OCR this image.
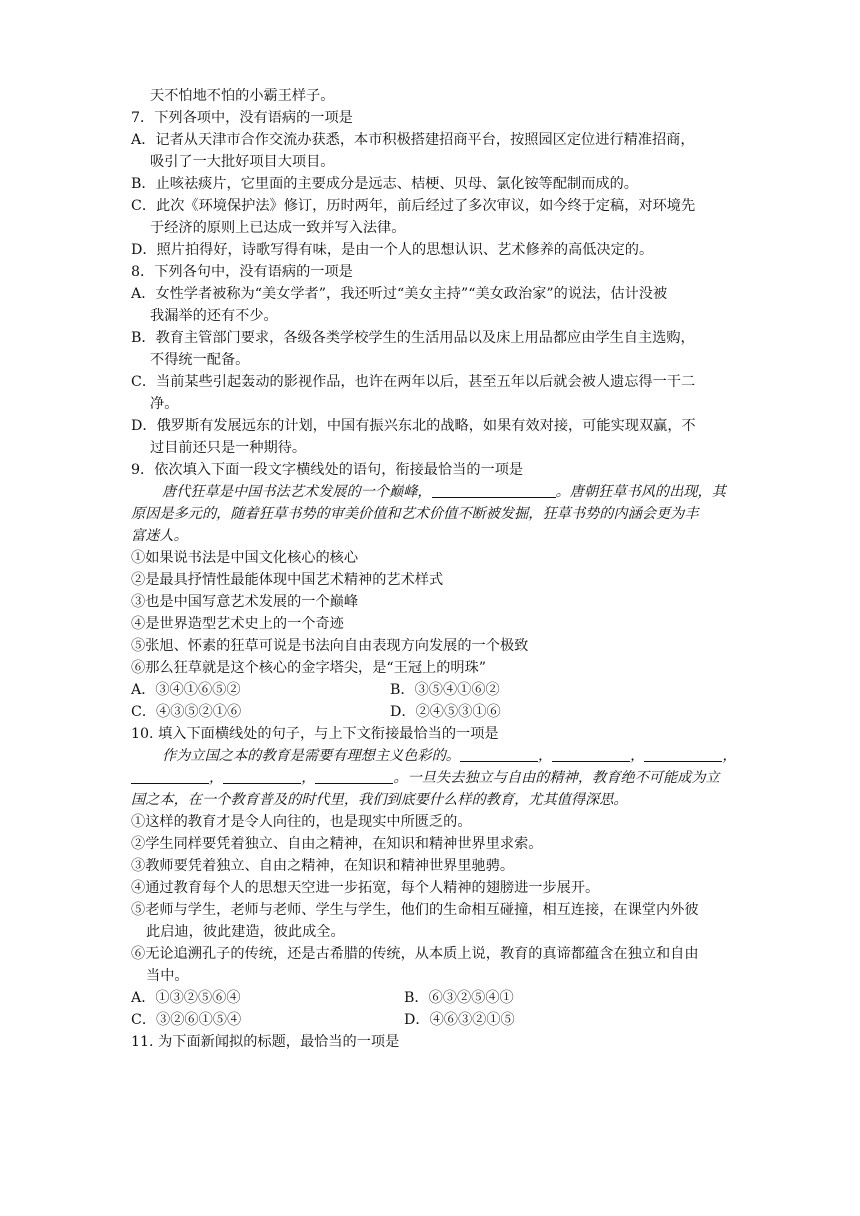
天不怕地不怕的小霸王样子。
7．下列各项中，没有语病的一项是
A．记者从天津市合作交流办获悉，本市积极搭建招商平台，按照园区定位进行精准招商，
吸引了一大批好项目大项目。
B．止咳祛痰片，它里面的主要成分是远志、桔梗、贝母、氯化铵等配制而成的。
C．此次《环境保护法》修订，历时两年，前后经过了多次审议，如今终于定稿，对环境先
于经济的原则上已达成一致并写入法律。
D．照片拍得好，诗歌写得有味，是由一个人的思想认识、艺术修养的高低决定的。
8．下列各句中，没有语病的一项是
A．女性学者被称为“美女学者”，我还听过“美女主持”“美女政治家”的说法，估计没被
我漏举的还有不少。
B．教育主管部门要求，各级各类学校学生的生活用品以及床上用品都应由学生自主选购，
不得统一配备。
C．当前某些引起轰动的影视作品，也许在两年以后，甚至五年以后就会被人遗忘得一干二
净。
D．俄罗斯有发展远东的计划，中国有振兴东北的战略，如果有效对接，可能实现双赢，不
过目前还只是一种期待。
9．依次填入下面一段文字横线处的语句，衔接最恰当的一项是
唐代狂草是中国书法艺术发展的一个巅峰，	。唐朝狂草书风的出现，其
原因是多元的，随着狂草书势的审美价值和艺术价值不断被发掘，狂草书势的内涵会更为丰
富迷人。
①如果说书法是中国文化核心的核心
②是最具抒情性最能体现中国艺术精神的艺术样式
③也是中国写意艺术发展的一个巅峰
④是世界造型艺术史上的一个奇迹
⑤张旭、怀素的狂草可说是书法向自由表现方向发展的一个极致
⑥那么狂草就是这个核心的金字塔尖，是“王冠上的明珠”
A．③④①⑥⑤②	B．③⑤④①⑥②
C．④③⑤②①⑥	D．②④⑤③①⑥
10. 填入下面横线处的句子，与上下文衔接最恰当的一项是
作为立国之本的教育是需要有理想主义色彩的。	，	，	，
，	，	。一旦失去独立与自由的精神，教育绝不可能成为立
国之本，在一个教育普及的时代里，我们到底要什么样的教育，尤其值得深思。
①这样的教育才是令人向往的，也是现实中所匮乏的。
②学生同样要凭着独立、自由之精神，在知识和精神世界里求索。
③教师要凭着独立、自由之精神，在知识和精神世界里驰骋。
④通过教育每个人的思想天空进一步拓宽，每个人精神的翅膀进一步展开。
⑤老师与学生，老师与老师、学生与学生，他们的生命相互碰撞，相互连接，在课堂内外彼
此启迪，彼此建造，彼此成全。
⑥无论追溯孔子的传统，还是古希腊的传统，从本质上说，教育的真谛都蕴含在独立和自由
当中。
A．①③②⑤⑥④	B．⑥③②⑤④①
C．③②⑥①⑤④	D．④⑥③②①⑤
11. 为下面新闻拟的标题，最恰当的一项是
